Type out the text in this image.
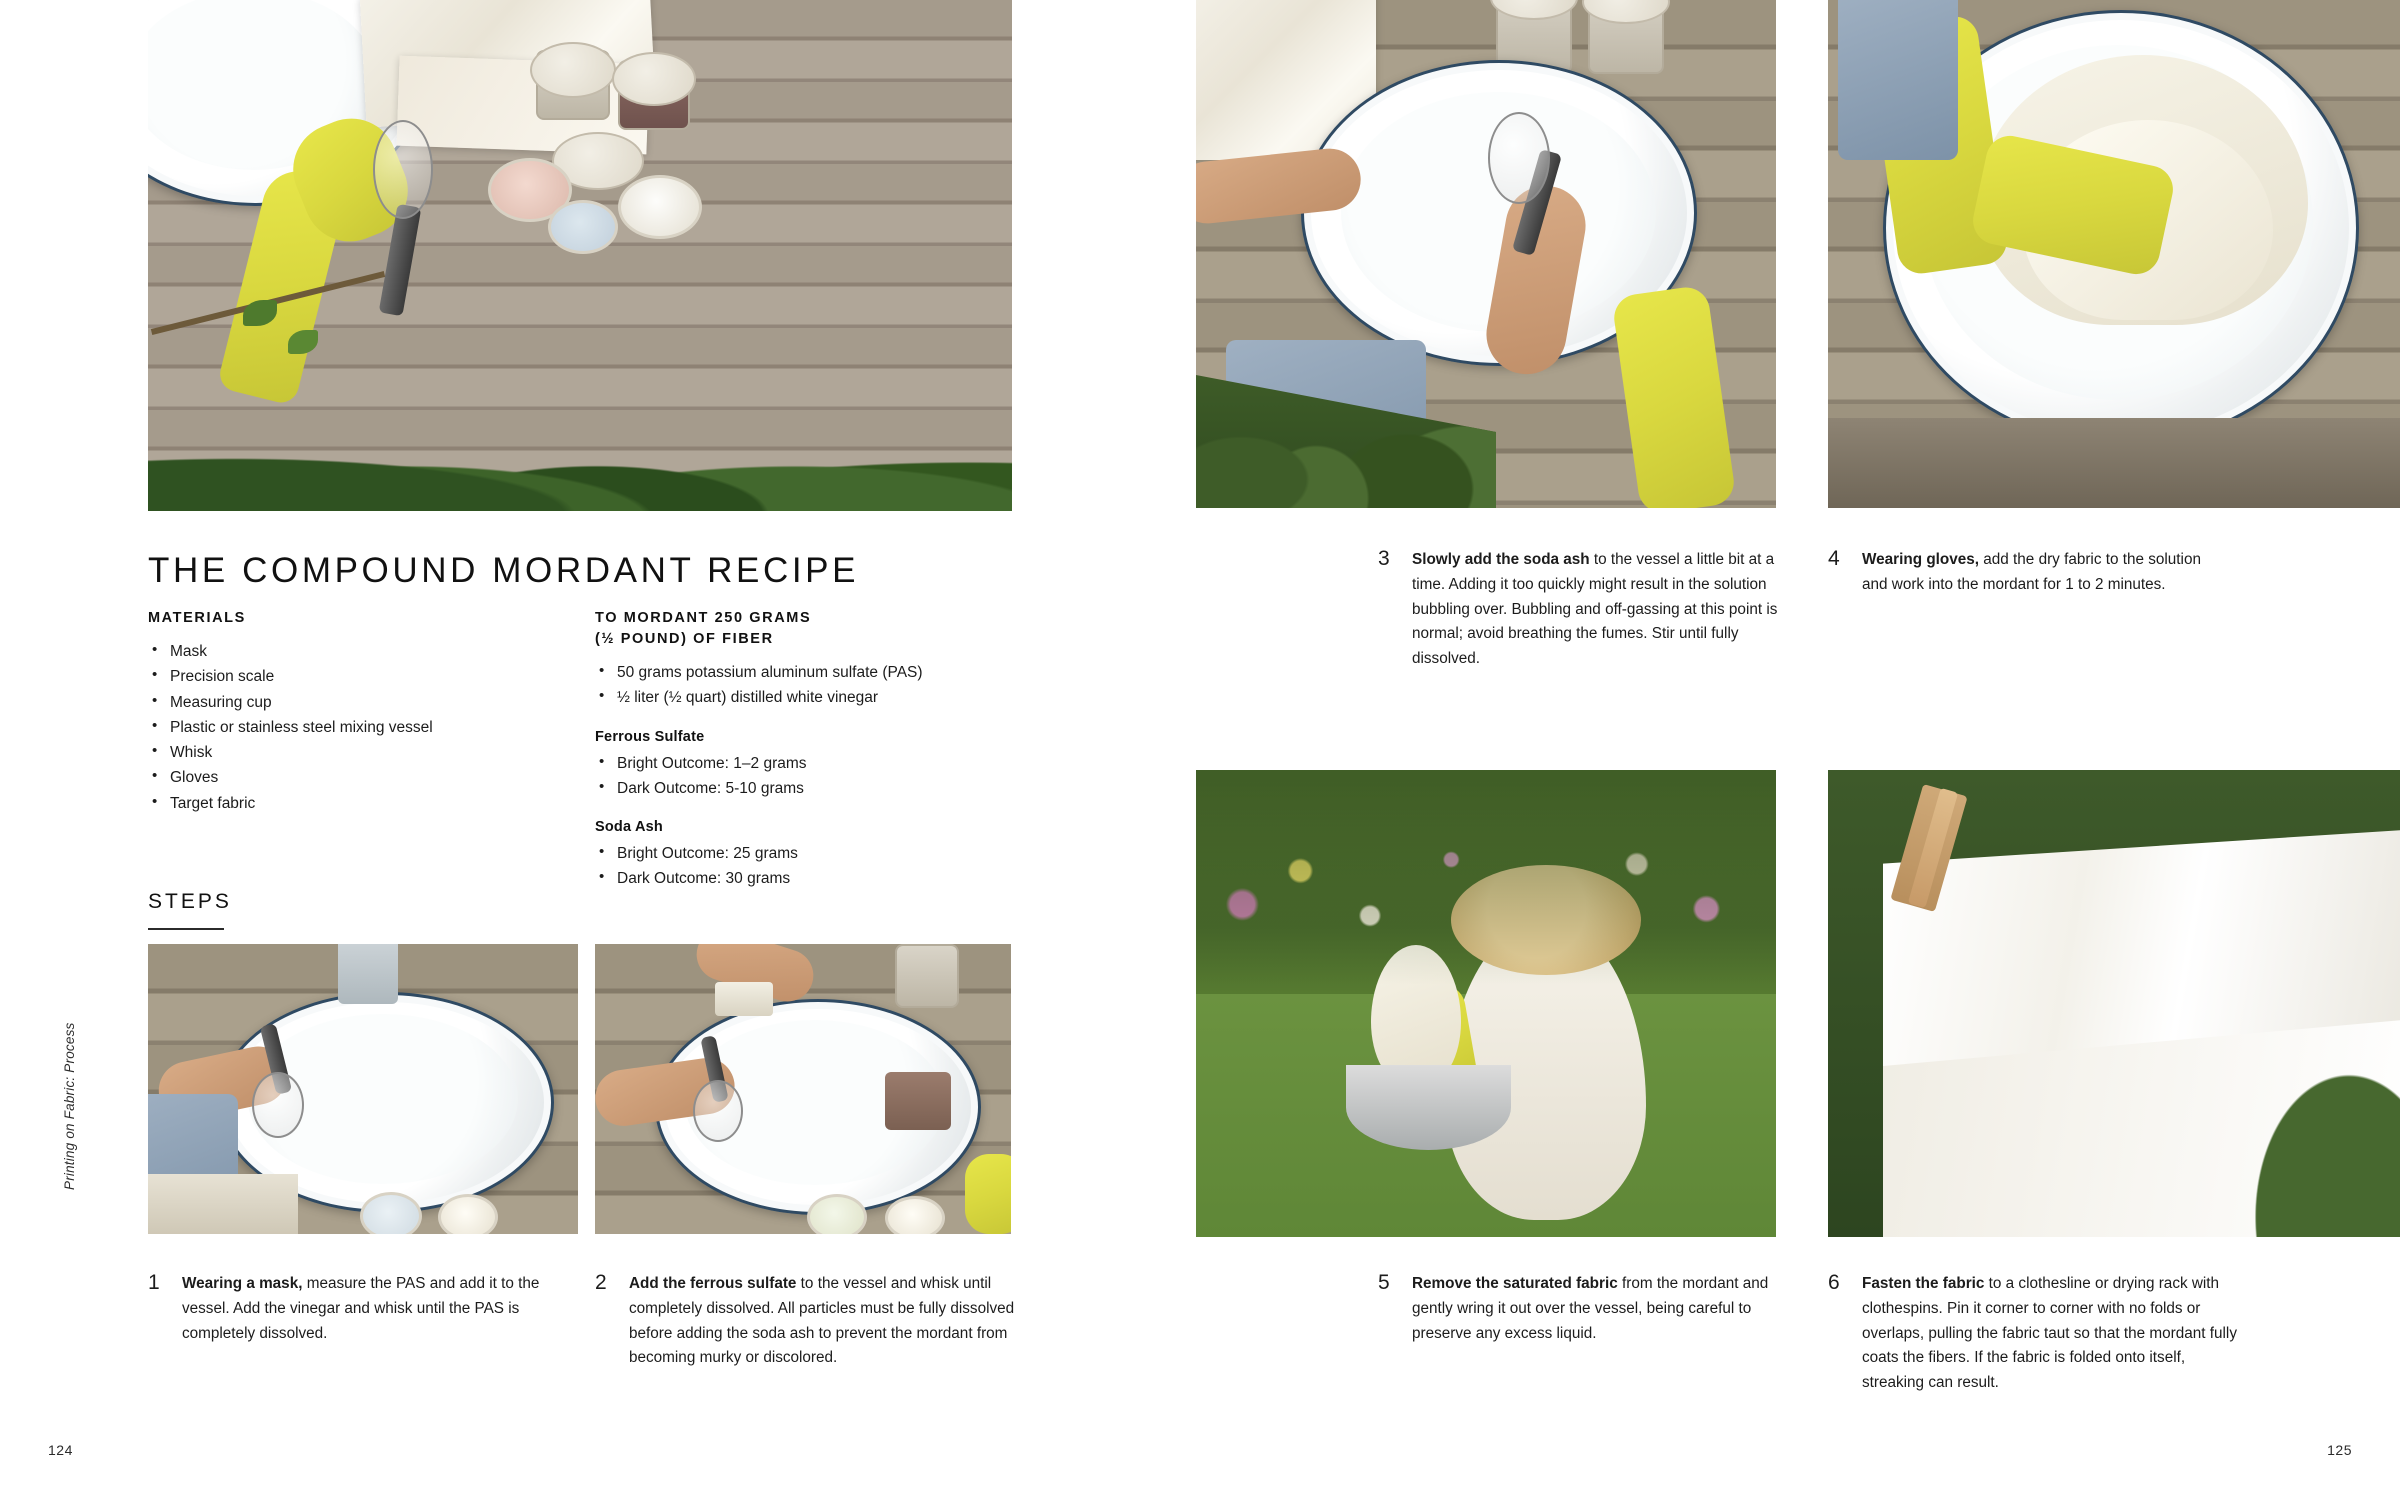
Printing on Fabric: Process
124
THE COMPOUND MORDANT RECIPE
MATERIALS
• Mask
• Precision scale
• Measuring cup
• Plastic or stainless steel mixing vessel
• Whisk
• Gloves
• Target fabric
TO MORDANT 250 GRAMS
(½ POUND) OF FIBER
• 50 grams potassium aluminum sulfate (PAS)
• ½ liter (½ quart) distilled white vinegar
Ferrous Sulfate
• Bright Outcome: 1–2 grams
• Dark Outcome: 5-10 grams
Soda Ash
• Bright Outcome: 25 grams
• Dark Outcome: 30 grams
STEPS
1	Wearing a mask, measure the PAS and add it to the vessel. Add the vinegar and whisk until the PAS is completely dissolved.
2	Add the ferrous sulfate to the vessel and whisk until completely dissolved. All particles must be fully dissolved before adding the soda ash to prevent the mordant from becoming murky or discolored.
125
3	Slowly add the soda ash to the vessel a little bit at a time. Adding it too quickly might result in the solution bubbling over. Bubbling and off-gassing at this point is normal; avoid breathing the fumes. Stir until fully dissolved.
4	Wearing gloves, add the dry fabric to the solution and work into the mordant for 1 to 2 minutes.
5	Remove the saturated fabric from the mordant and gently wring it out over the vessel, being careful to preserve any excess liquid.
6	Fasten the fabric to a clothesline or drying rack with clothespins. Pin it corner to corner with no folds or overlaps, pulling the fabric taut so that the mordant fully coats the fibers. If the fabric is folded onto itself, streaking can result.
